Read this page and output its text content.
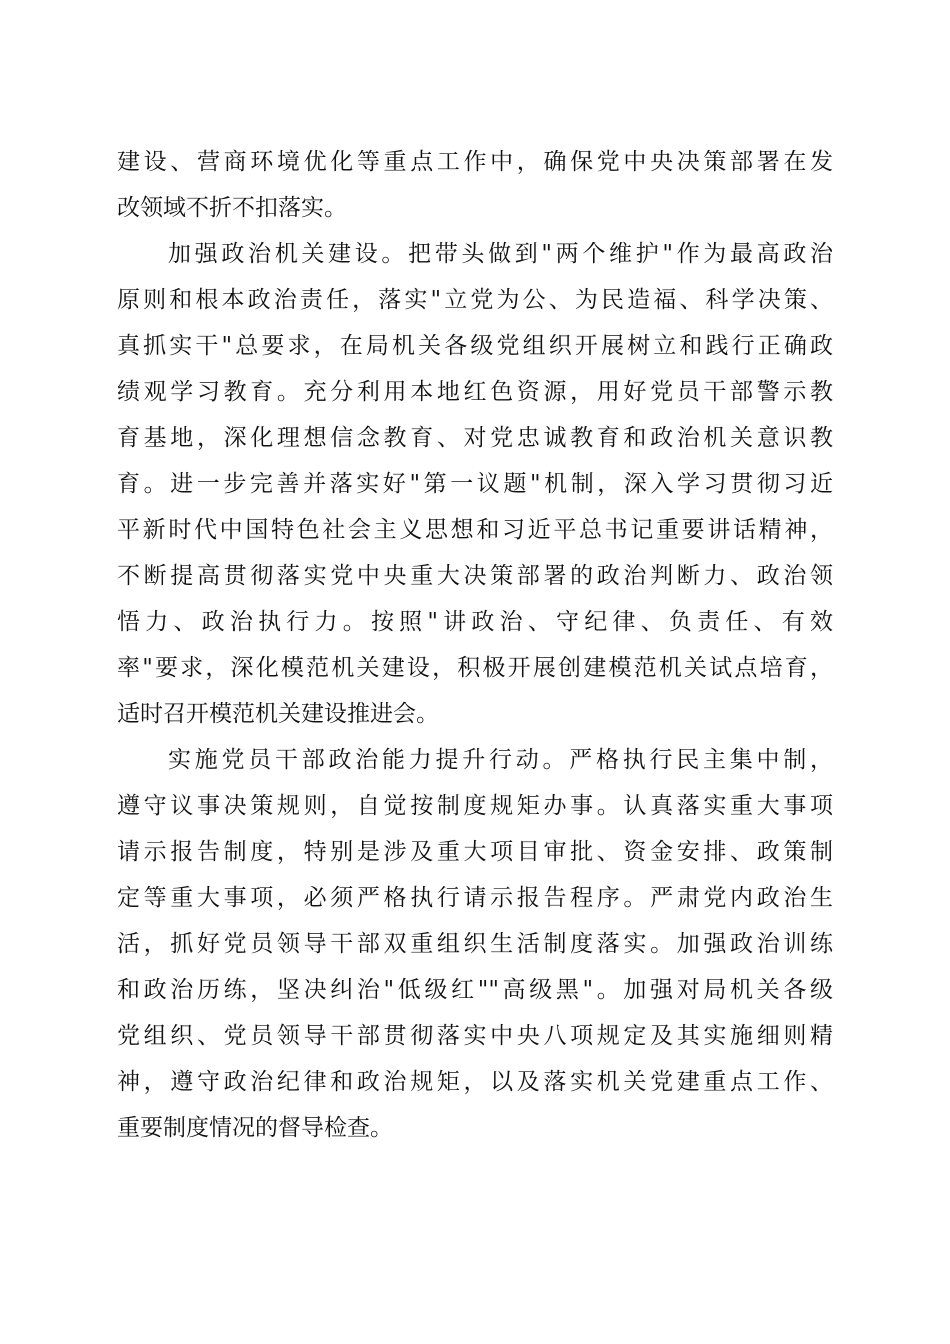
建设、营商环境优化等重点工作中，确保党中央决策部署在发
改领域不折不扣落实。
加强政治机关建设。把带头做到"两个维护"作为最高政治
原则和根本政治责任，落实"立党为公、为民造福、科学决策、
真抓实干"总要求，在局机关各级党组织开展树立和践行正确政
绩观学习教育。充分利用本地红色资源，用好党员干部警示教
育基地，深化理想信念教育、对党忠诚教育和政治机关意识教
育。进一步完善并落实好"第一议题"机制，深入学习贯彻习近
平新时代中国特色社会主义思想和习近平总书记重要讲话精神，
不断提高贯彻落实党中央重大决策部署的政治判断力、政治领
悟力、政治执行力。按照"讲政治、守纪律、负责任、有效
率"要求，深化模范机关建设，积极开展创建模范机关试点培育，
适时召开模范机关建设推进会。
实施党员干部政治能力提升行动。严格执行民主集中制，
遵守议事决策规则，自觉按制度规矩办事。认真落实重大事项
请示报告制度，特别是涉及重大项目审批、资金安排、政策制
定等重大事项，必须严格执行请示报告程序。严肃党内政治生
活，抓好党员领导干部双重组织生活制度落实。加强政治训练
和政治历练，坚决纠治"低级红""高级黑"。加强对局机关各级
党组织、党员领导干部贯彻落实中央八项规定及其实施细则精
神，遵守政治纪律和政治规矩，以及落实机关党建重点工作、
重要制度情况的督导检查。
